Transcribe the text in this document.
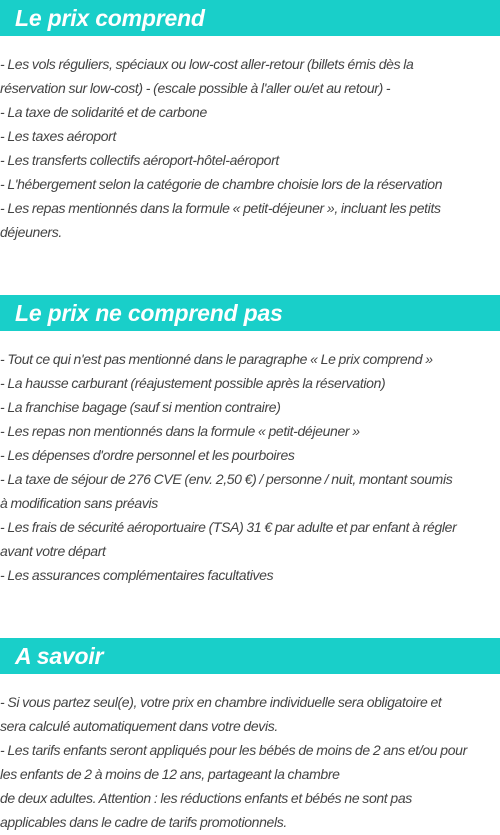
Le prix comprend
- Les vols réguliers, spéciaux ou low-cost aller-retour (billets émis dès la
réservation sur low-cost) - (escale possible à l'aller ou/et au retour) -
- La taxe de solidarité et de carbone
- Les taxes aéroport
- Les transferts collectifs aéroport-hôtel-aéroport
- L'hébergement selon la catégorie de chambre choisie lors de la réservation
- Les repas mentionnés dans la formule « petit-déjeuner », incluant les petits
déjeuners.
Le prix ne comprend pas
- Tout ce qui n'est pas mentionné dans le paragraphe « Le prix comprend »
- La hausse carburant (réajustement possible après la réservation)
- La franchise bagage (sauf si mention contraire)
- Les repas non mentionnés dans la formule « petit-déjeuner »
- Les dépenses d'ordre personnel et les pourboires
- La taxe de séjour de 276 CVE (env. 2,50 €) / personne / nuit, montant soumis
à modification sans préavis
- Les frais de sécurité aéroportuaire (TSA) 31 € par adulte et par enfant à régler
avant votre départ
- Les assurances complémentaires facultatives
A savoir
- Si vous partez seul(e), votre prix en chambre individuelle sera obligatoire et
sera calculé automatiquement dans votre devis.
- Les tarifs enfants seront appliqués pour les bébés de moins de 2 ans et/ou pour
les enfants de 2 à moins de 12 ans, partageant la chambre
de deux adultes. Attention : les réductions enfants et bébés ne sont pas
applicables dans le cadre de tarifs promotionnels.
